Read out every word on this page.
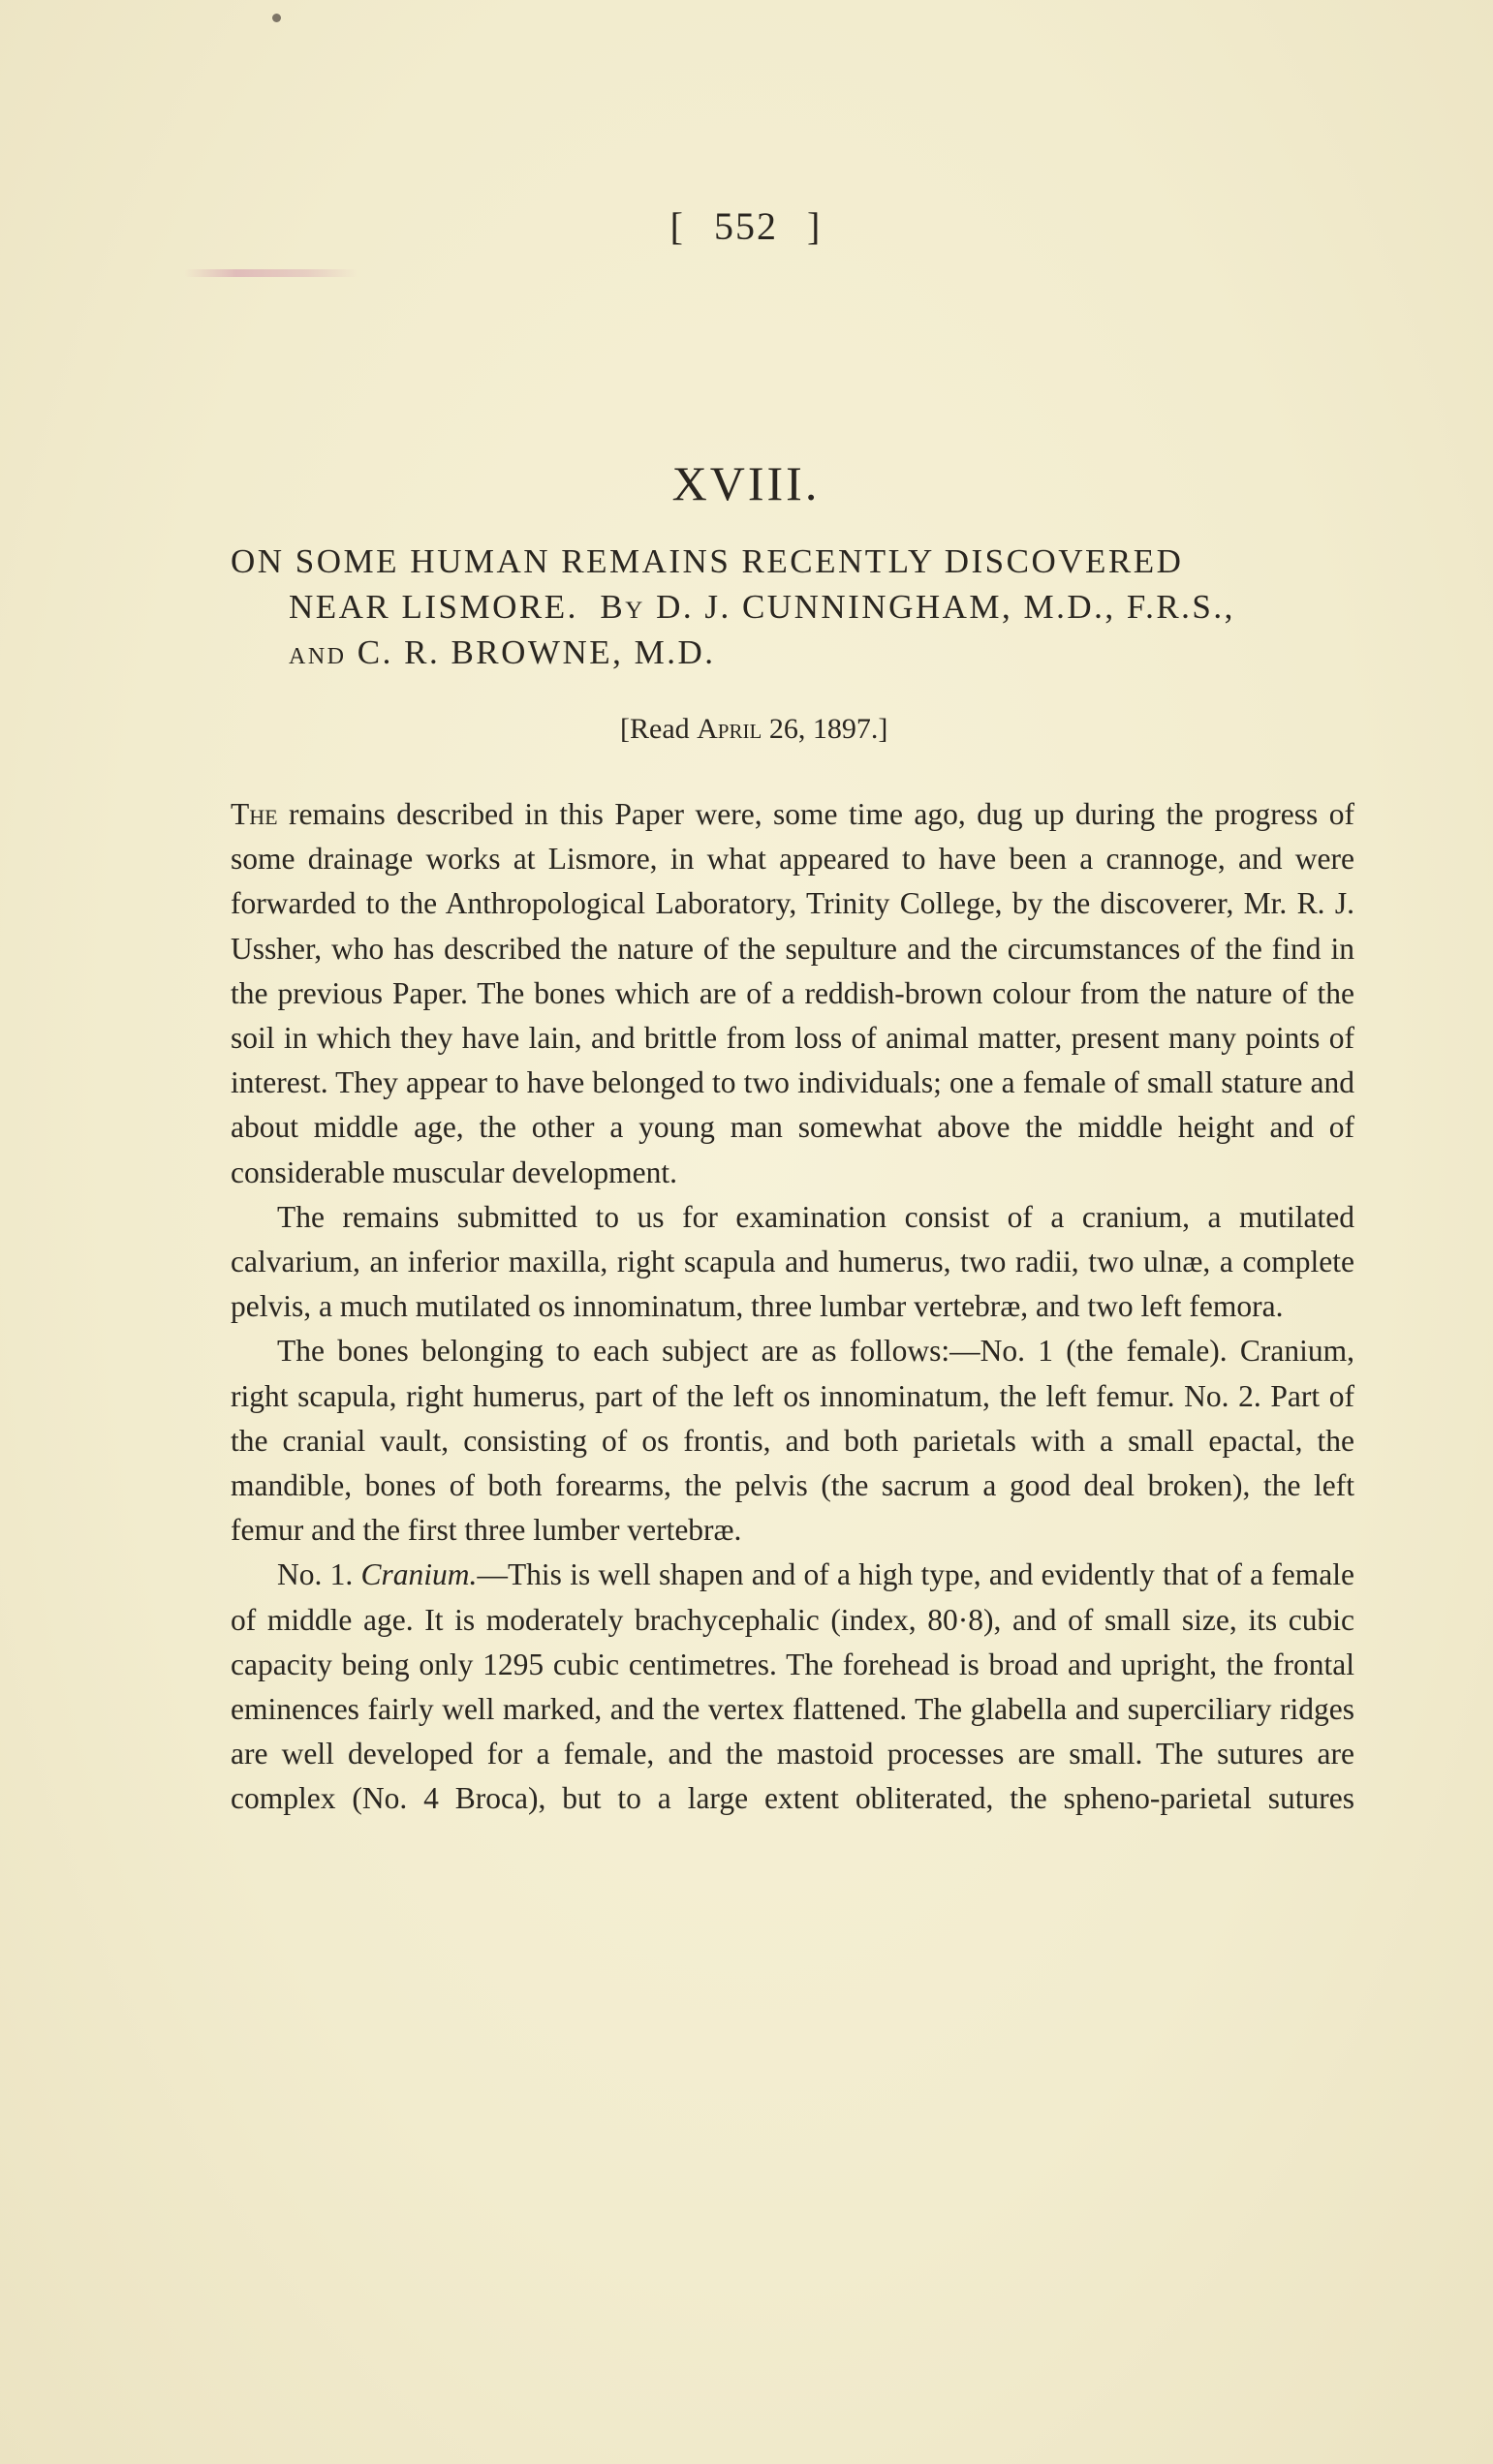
[ 552 ]
XVIII.
ON SOME HUMAN REMAINS RECENTLY DISCOVERED
NEAR LISMORE. By D. J. CUNNINGHAM, M.D., F.R.S.,
AND C. R. BROWNE, M.D.
[Read April 26, 1897.]

The remains described in this Paper were, some time ago, dug up during the progress of some drainage works at Lismore, in what appeared to have been a crannoge, and were forwarded to the Anthropological Laboratory, Trinity College, by the discoverer, Mr. R. J. Ussher, who has described the nature of the sepulture and the circumstances of the find in the previous Paper. The bones which are of a reddish-brown colour from the nature of the soil in which they have lain, and brittle from loss of animal matter, present many points of interest. They appear to have belonged to two individuals; one a female of small stature and about middle age, the other a young man somewhat above the middle height and of considerable muscular development.

The remains submitted to us for examination consist of a cranium, a mutilated calvarium, an inferior maxilla, right scapula and humerus, two radii, two ulnæ, a complete pelvis, a much mutilated os innominatum, three lumbar vertebræ, and two left femora.

The bones belonging to each subject are as follows:—No. 1 (the female). Cranium, right scapula, right humerus, part of the left os innominatum, the left femur. No. 2. Part of the cranial vault, consisting of os frontis, and both parietals with a small epactal, the mandible, bones of both forearms, the pelvis (the sacrum a good deal broken), the left femur and the first three lumber vertebræ.

No. 1. Cranium.—This is well shapen and of a high type, and evidently that of a female of middle age. It is moderately brachycephalic (index, 80·8), and of small size, its cubic capacity being only 1295 cubic centimetres. The forehead is broad and upright, the frontal eminences fairly well marked, and the vertex flattened. The glabella and superciliary ridges are well developed for a female, and the mastoid processes are small. The sutures are complex (No. 4 Broca), but to a large extent obliterated, the spheno-parietal sutures
